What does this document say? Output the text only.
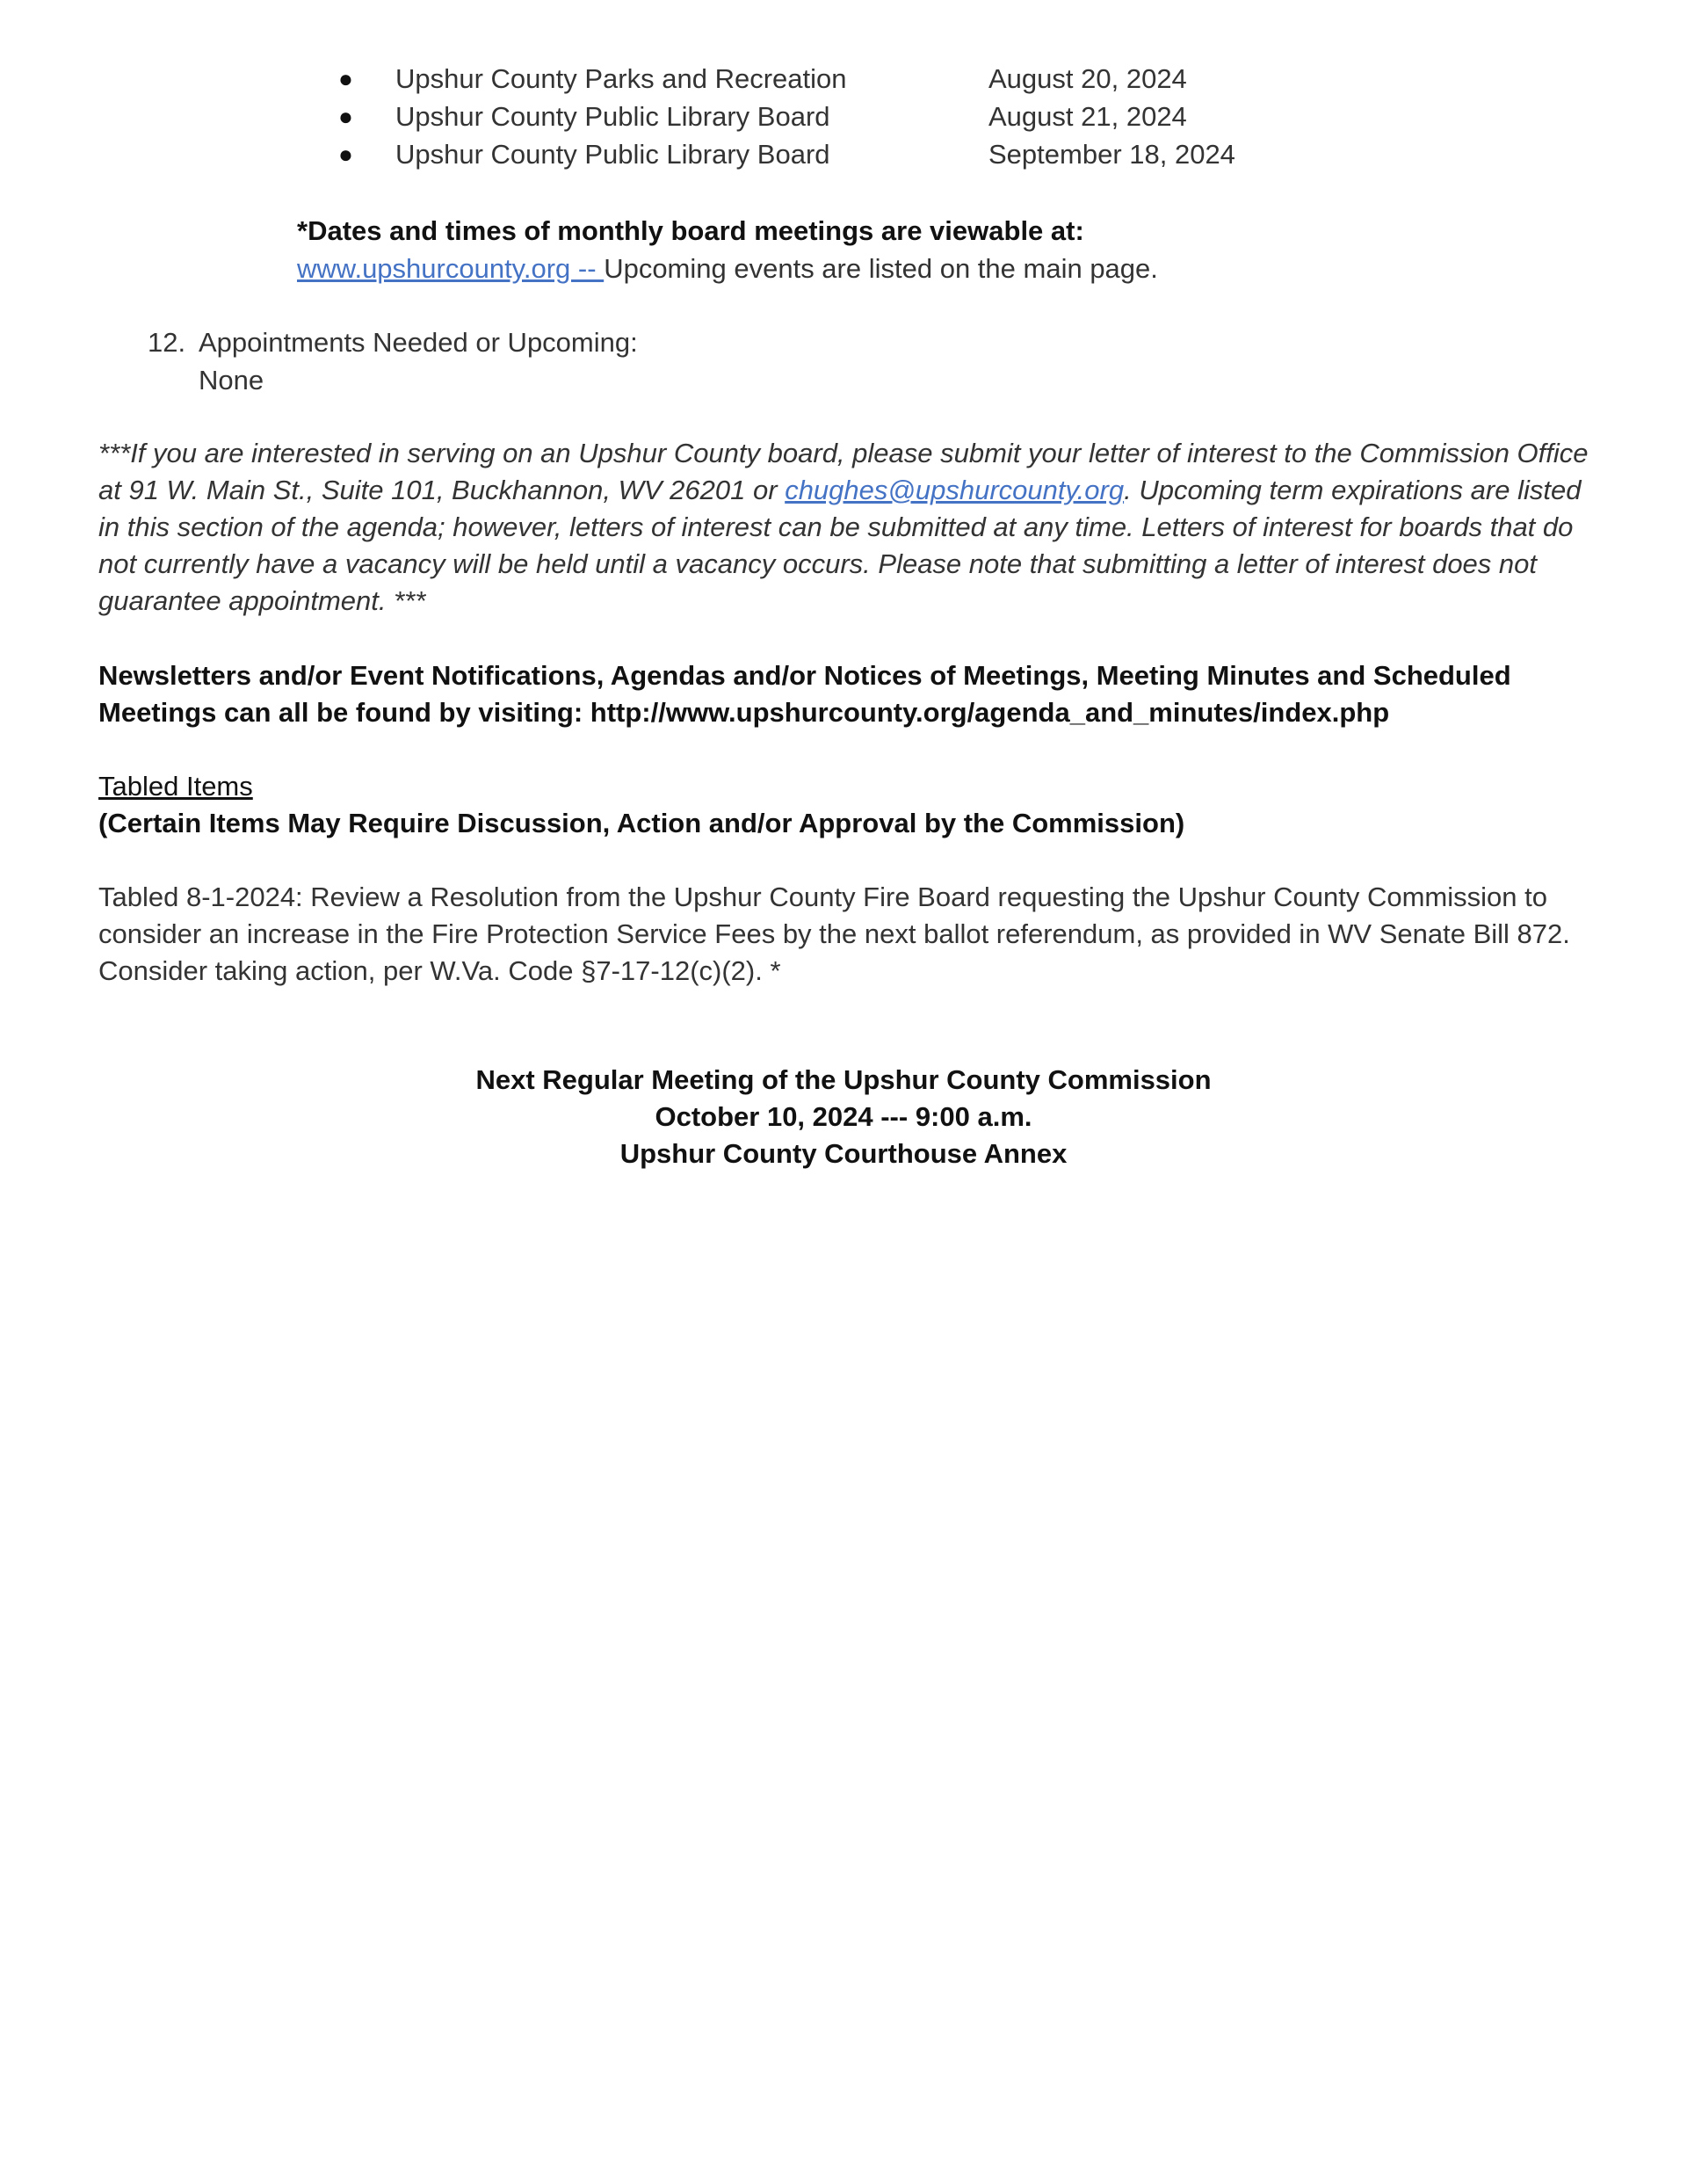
●	Upshur County Parks and Recreation	August 20, 2024
●	Upshur County Public Library Board	August 21, 2024
●	Upshur County Public Library Board	September 18, 2024
*Dates and times of monthly board meetings are viewable at:
www.upshurcounty.org -- Upcoming events are listed on the main page.
12. Appointments Needed or Upcoming:
None
***If you are interested in serving on an Upshur County board, please submit your letter of interest to the Commission Office at 91 W. Main St., Suite 101, Buckhannon, WV 26201 or chughes@upshurcounty.org. Upcoming term expirations are listed in this section of the agenda; however, letters of interest can be submitted at any time. Letters of interest for boards that do not currently have a vacancy will be held until a vacancy occurs. Please note that submitting a letter of interest does not guarantee appointment. ***
Newsletters and/or Event Notifications, Agendas and/or Notices of Meetings, Meeting Minutes and Scheduled Meetings can all be found by visiting: http://www.upshurcounty.org/agenda_and_minutes/index.php
Tabled Items
(Certain Items May Require Discussion, Action and/or Approval by the Commission)
Tabled 8-1-2024: Review a Resolution from the Upshur County Fire Board requesting the Upshur County Commission to consider an increase in the Fire Protection Service Fees by the next ballot referendum, as provided in WV Senate Bill 872. Consider taking action, per W.Va. Code §7-17-12(c)(2). *
Next Regular Meeting of the Upshur County Commission
October 10, 2024 --- 9:00 a.m.
Upshur County Courthouse Annex
